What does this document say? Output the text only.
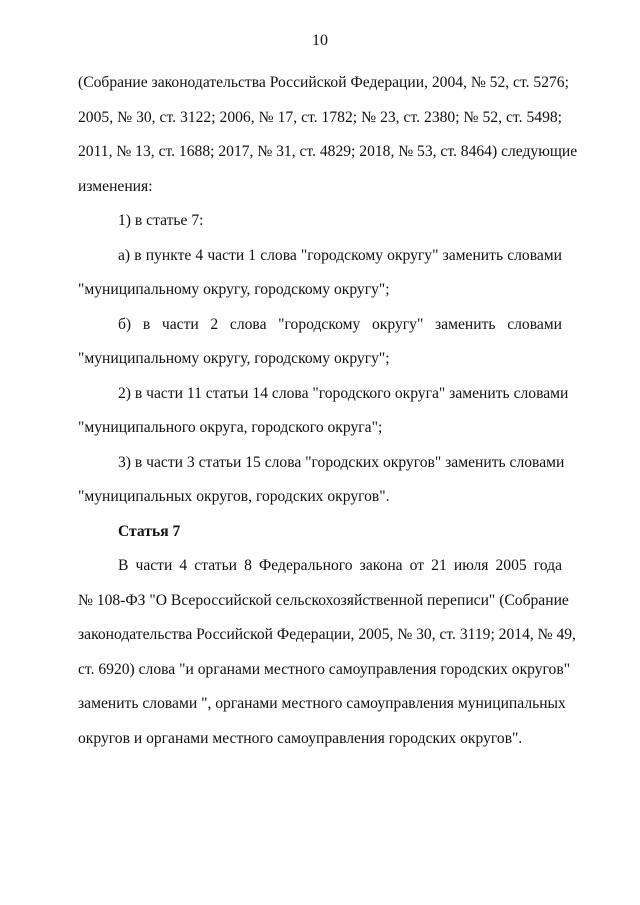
10
(Собрание законодательства Российской Федерации, 2004, № 52, ст. 5276;
2005, № 30, ст. 3122; 2006, № 17, ст. 1782; № 23, ст. 2380; № 52, ст. 5498;
2011, № 13, ст. 1688; 2017, № 31, ст. 4829; 2018, № 53, ст. 8464) следующие
изменения:
1) в статье 7:
а) в пункте 4 части 1 слова "городскому округу" заменить словами
"муниципальному округу, городскому округу";
б) в части 2 слова "городскому округу" заменить словами
"муниципальному округу, городскому округу";
2) в части 11 статьи 14 слова "городского округа" заменить словами
"муниципального округа, городского округа";
3) в части 3 статьи 15 слова "городских округов" заменить словами
"муниципальных округов, городских округов".
Статья 7
В части 4 статьи 8 Федерального закона от 21 июля 2005 года
№ 108-ФЗ "О Всероссийской сельскохозяйственной переписи" (Собрание
законодательства Российской Федерации, 2005, № 30, ст. 3119; 2014, № 49,
ст. 6920) слова "и органами местного самоуправления городских округов"
заменить словами ", органами местного самоуправления муниципальных
округов и органами местного самоуправления городских округов".
